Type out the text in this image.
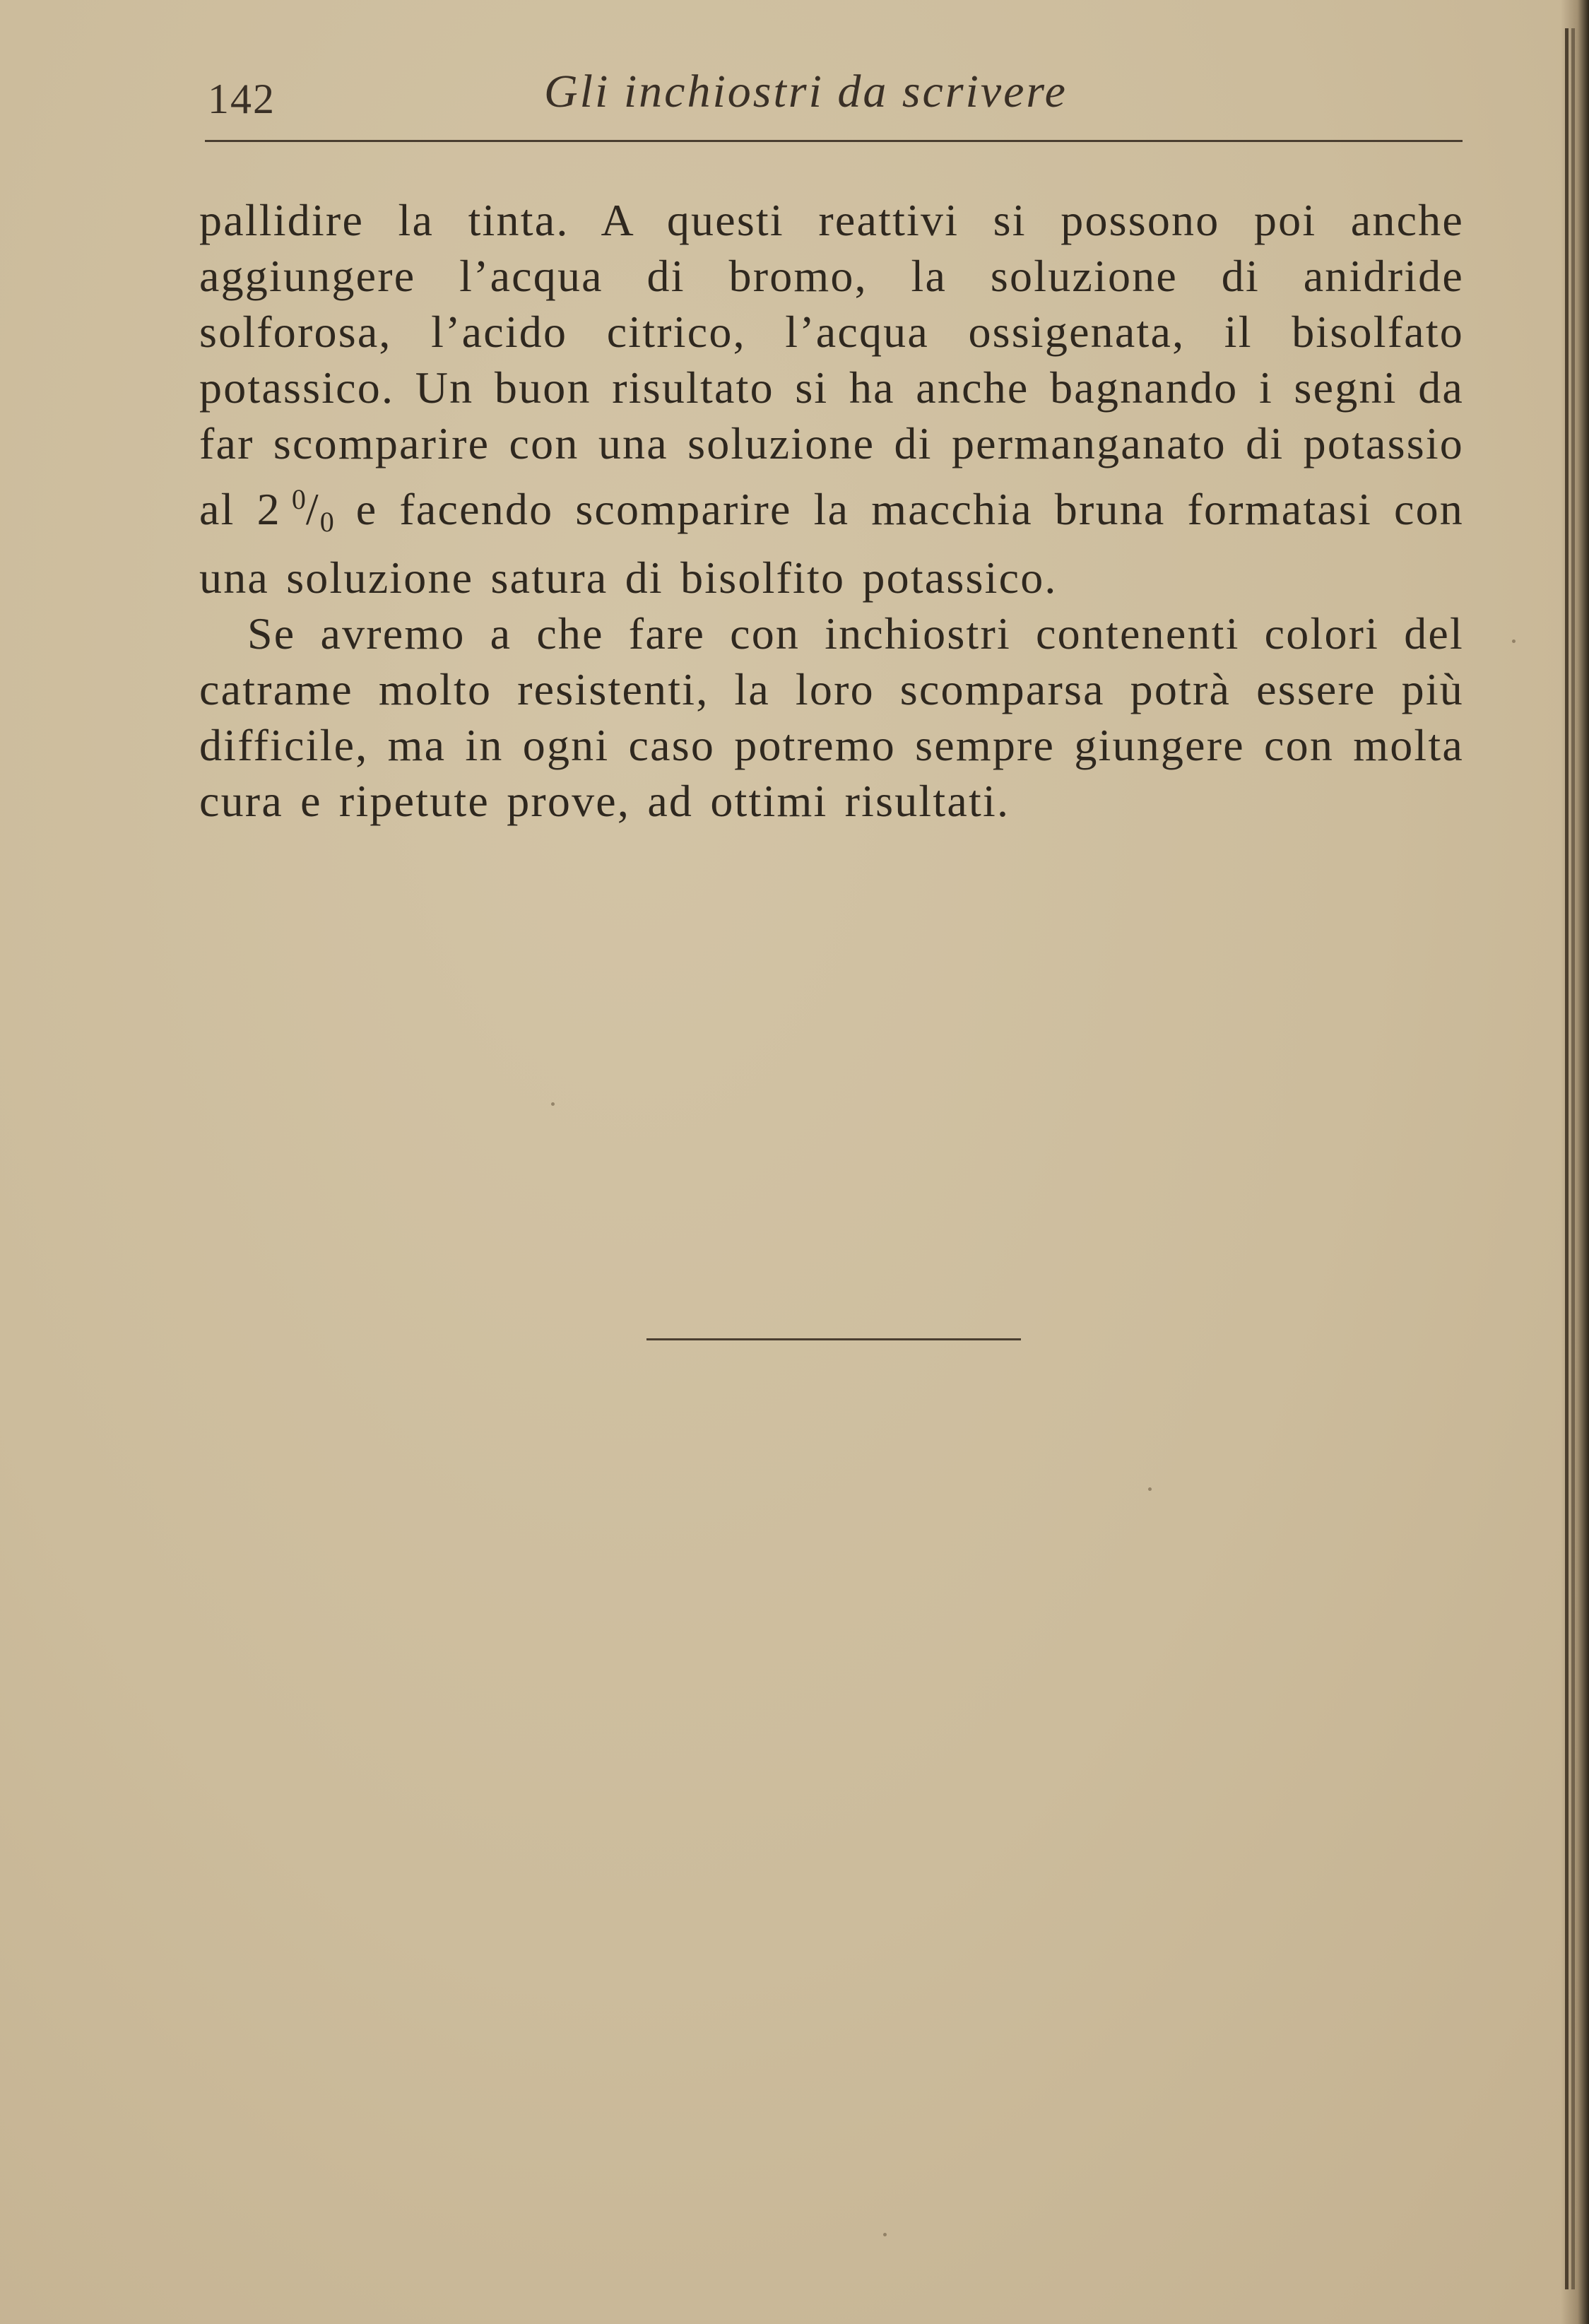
142	Gli inchiostri da scrivere

pallidire la tinta. A questi reattivi si possono poi anche aggiungere l’acqua di bromo, la soluzione di anidride solforosa, l’acido citrico, l’acqua ossigenata, il bisolfato potassico. Un buon risultato si ha anche bagnando i segni da far scomparire con una soluzione di permanganato di potassio al 2  $^0/_0$ e facendo scomparire la macchia bruna formatasi con una soluzione satura di bisolfito potassico.

Se avremo a che fare con inchiostri contenenti colori del catrame molto resistenti, la loro scomparsa potrà essere più difficile, ma in ogni caso potremo sempre giungere con molta cura e ripetute prove, ad ottimi risultati.
